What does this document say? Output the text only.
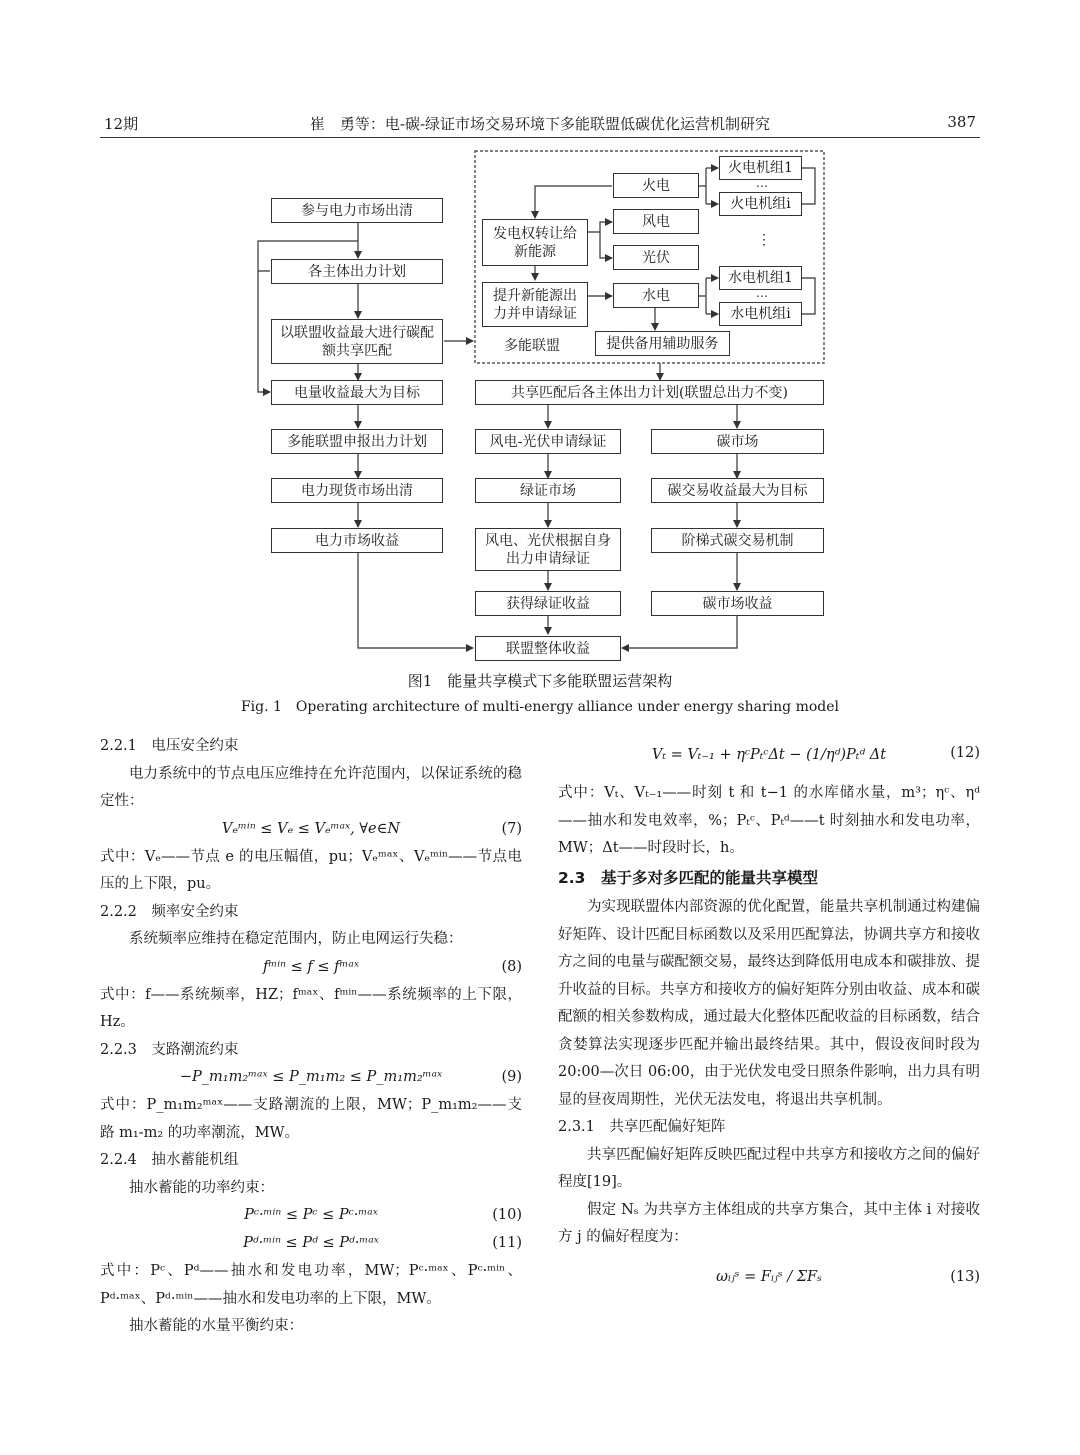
12期	崔　勇等：电-碳-绿证市场交易环境下多能联盟低碳优化运营机制研究	387
参与电力市场出清
各主体出力计划
以联盟收益最大进行碳配额共享匹配
电量收益最大为目标
多能联盟申报出力计划
电力现货市场出清
电力市场收益
发电权转让给新能源
提升新能源出力并申请绿证
火电
风电
光伏
水电
火电机组1
…
火电机组i
⋮
水电机组1
…
水电机组i
提供备用辅助服务
多能联盟
共享匹配后各主体出力计划(联盟总出力不变)
风电-光伏申请绿证
绿证市场
风电、光伏根据自身出力申请绿证
获得绿证收益
碳市场
碳交易收益最大为目标
阶梯式碳交易机制
碳市场收益
联盟整体收益
图1　能量共享模式下多能联盟运营架构
Fig. 1　Operating architecture of multi-energy alliance under energy sharing model

2.2.1　电压安全约束

电力系统中的节点电压应维持在允许范围内，以保证系统的稳定性：

Vₑᵐⁱⁿ ≤ Vₑ ≤ Vₑᵐᵃˣ, ∀e∈N	(7)

式中：Vₑ——节点 e 的电压幅值，pu；Vₑᵐᵃˣ、Vₑᵐⁱⁿ——节点电压的上下限，pu。

2.2.2　频率安全约束

系统频率应维持在稳定范围内，防止电网运行失稳：

fᵐⁱⁿ ≤ f ≤ fᵐᵃˣ	(8)

式中：f——系统频率，HZ；fᵐᵃˣ、fᵐⁱⁿ——系统频率的上下限，Hz。

2.2.3　支路潮流约束

−P_m₁m₂ᵐᵃˣ ≤ P_m₁m₂ ≤ P_m₁m₂ᵐᵃˣ	(9)

式中：P_m₁m₂ᵐᵃˣ——支路潮流的上限，MW；P_m₁m₂——支路 m₁-m₂ 的功率潮流，MW。

2.2.4　抽水蓄能机组

抽水蓄能的功率约束：

Pᶜ·ᵐⁱⁿ ≤ Pᶜ ≤ Pᶜ·ᵐᵃˣ	(10)
Pᵈ·ᵐⁱⁿ ≤ Pᵈ ≤ Pᵈ·ᵐᵃˣ	(11)

式中：Pᶜ、Pᵈ——抽水和发电功率，MW；Pᶜ·ᵐᵃˣ、Pᶜ·ᵐⁱⁿ、Pᵈ·ᵐᵃˣ、Pᵈ·ᵐⁱⁿ——抽水和发电功率的上下限，MW。

抽水蓄能的水量平衡约束：

Vₜ = Vₜ₋₁ + ηᶜPₜᶜΔt − (1/ηᵈ)Pₜᵈ Δt	(12)

式中：Vₜ、Vₜ₋₁——时刻 t 和 t−1 的水库储水量，m³；ηᶜ、ηᵈ——抽水和发电效率，%；Pₜᶜ、Pₜᵈ——t 时刻抽水和发电功率，MW；Δt——时段时长，h。

2.3　基于多对多匹配的能量共享模型

为实现联盟体内部资源的优化配置，能量共享机制通过构建偏好矩阵、设计匹配目标函数以及采用匹配算法，协调共享方和接收方之间的电量与碳配额交易，最终达到降低用电成本和碳排放、提升收益的目标。共享方和接收方的偏好矩阵分别由收益、成本和碳配额的相关参数构成，通过最大化整体匹配收益的目标函数，结合贪婪算法实现逐步匹配并输出最终结果。其中，假设夜间时段为 20:00—次日 06:00，由于光伏发电受日照条件影响，出力具有明显的昼夜周期性，光伏无法发电，将退出共享机制。

2.3.1　共享匹配偏好矩阵

共享匹配偏好矩阵反映匹配过程中共享方和接收方之间的偏好程度[19]。

假定 Nₛ 为共享方主体组成的共享方集合，其中主体 i 对接收方 j 的偏好程度为：

ωᵢⱼˢ = Fᵢⱼˢ / ΣFₛ	(13)
